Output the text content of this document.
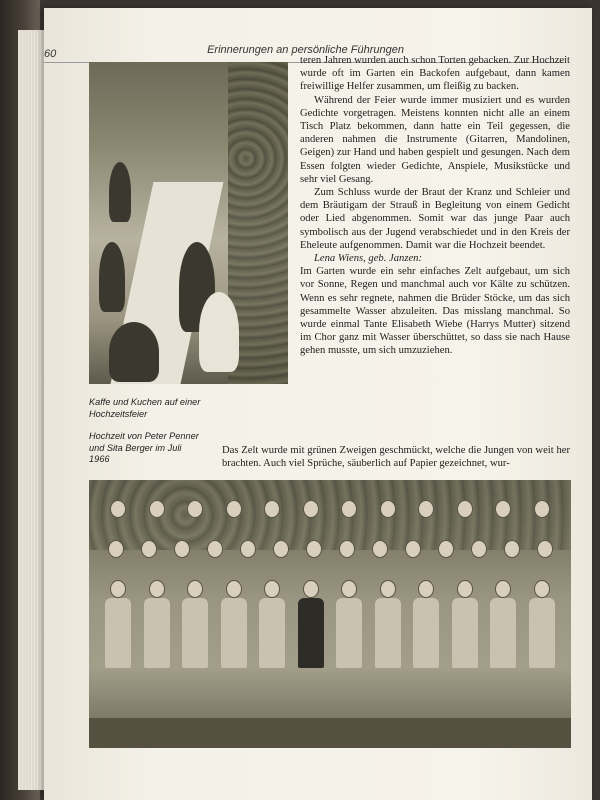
60	Erinnerungen an persönliche Führungen
Kaffe und Kuchen auf einer Hochzeitsfeier
Hochzeit von Peter Penner und Sita Berger im Juli 1966

teren Jahren wurden auch schon Torten gebacken. Zur Hochzeit wurde oft im Garten ein Backofen aufgebaut, dann kamen freiwillige Helfer zusammen, um fleißig zu backen.

Während der Feier wurde immer musiziert und es wurden Gedichte vorgetragen. Meistens konnten nicht alle an einem Tisch Platz bekommen, dann hatte ein Teil gegessen, die anderen nahmen die Instrumente (Gitarren, Mandolinen, Geigen) zur Hand und haben gespielt und gesungen. Nach dem Essen folgten wieder Gedichte, Anspiele, Musikstücke und sehr viel Gesang.

Zum Schluss wurde der Braut der Kranz und Schleier und dem Bräutigam der Strauß in Begleitung von einem Gedicht oder Lied abgenommen. Somit war das junge Paar auch symbolisch aus der Jugend verabschiedet und in den Kreis der Eheleute aufgenommen. Damit war die Hochzeit beendet.

Lena Wiens, geb. Janzen:

Im Garten wurde ein sehr einfaches Zelt aufgebaut, um sich vor Sonne, Regen und manchmal auch vor Kälte zu schützen. Wenn es sehr regnete, nahmen die Brüder Stöcke, um das sich gesammelte Wasser abzuleiten. Das misslang manchmal. So wurde einmal Tante Elisabeth Wiebe (Harrys Mutter) sitzend im Chor ganz mit Wasser überschüttet, so dass sie nach Hause gehen musste, um sich umzuziehen.

Das Zelt wurde mit grünen Zweigen geschmückt, welche die Jungen von weit her brachten. Auch viel Sprüche, säuberlich auf Papier gezeichnet, wur-
